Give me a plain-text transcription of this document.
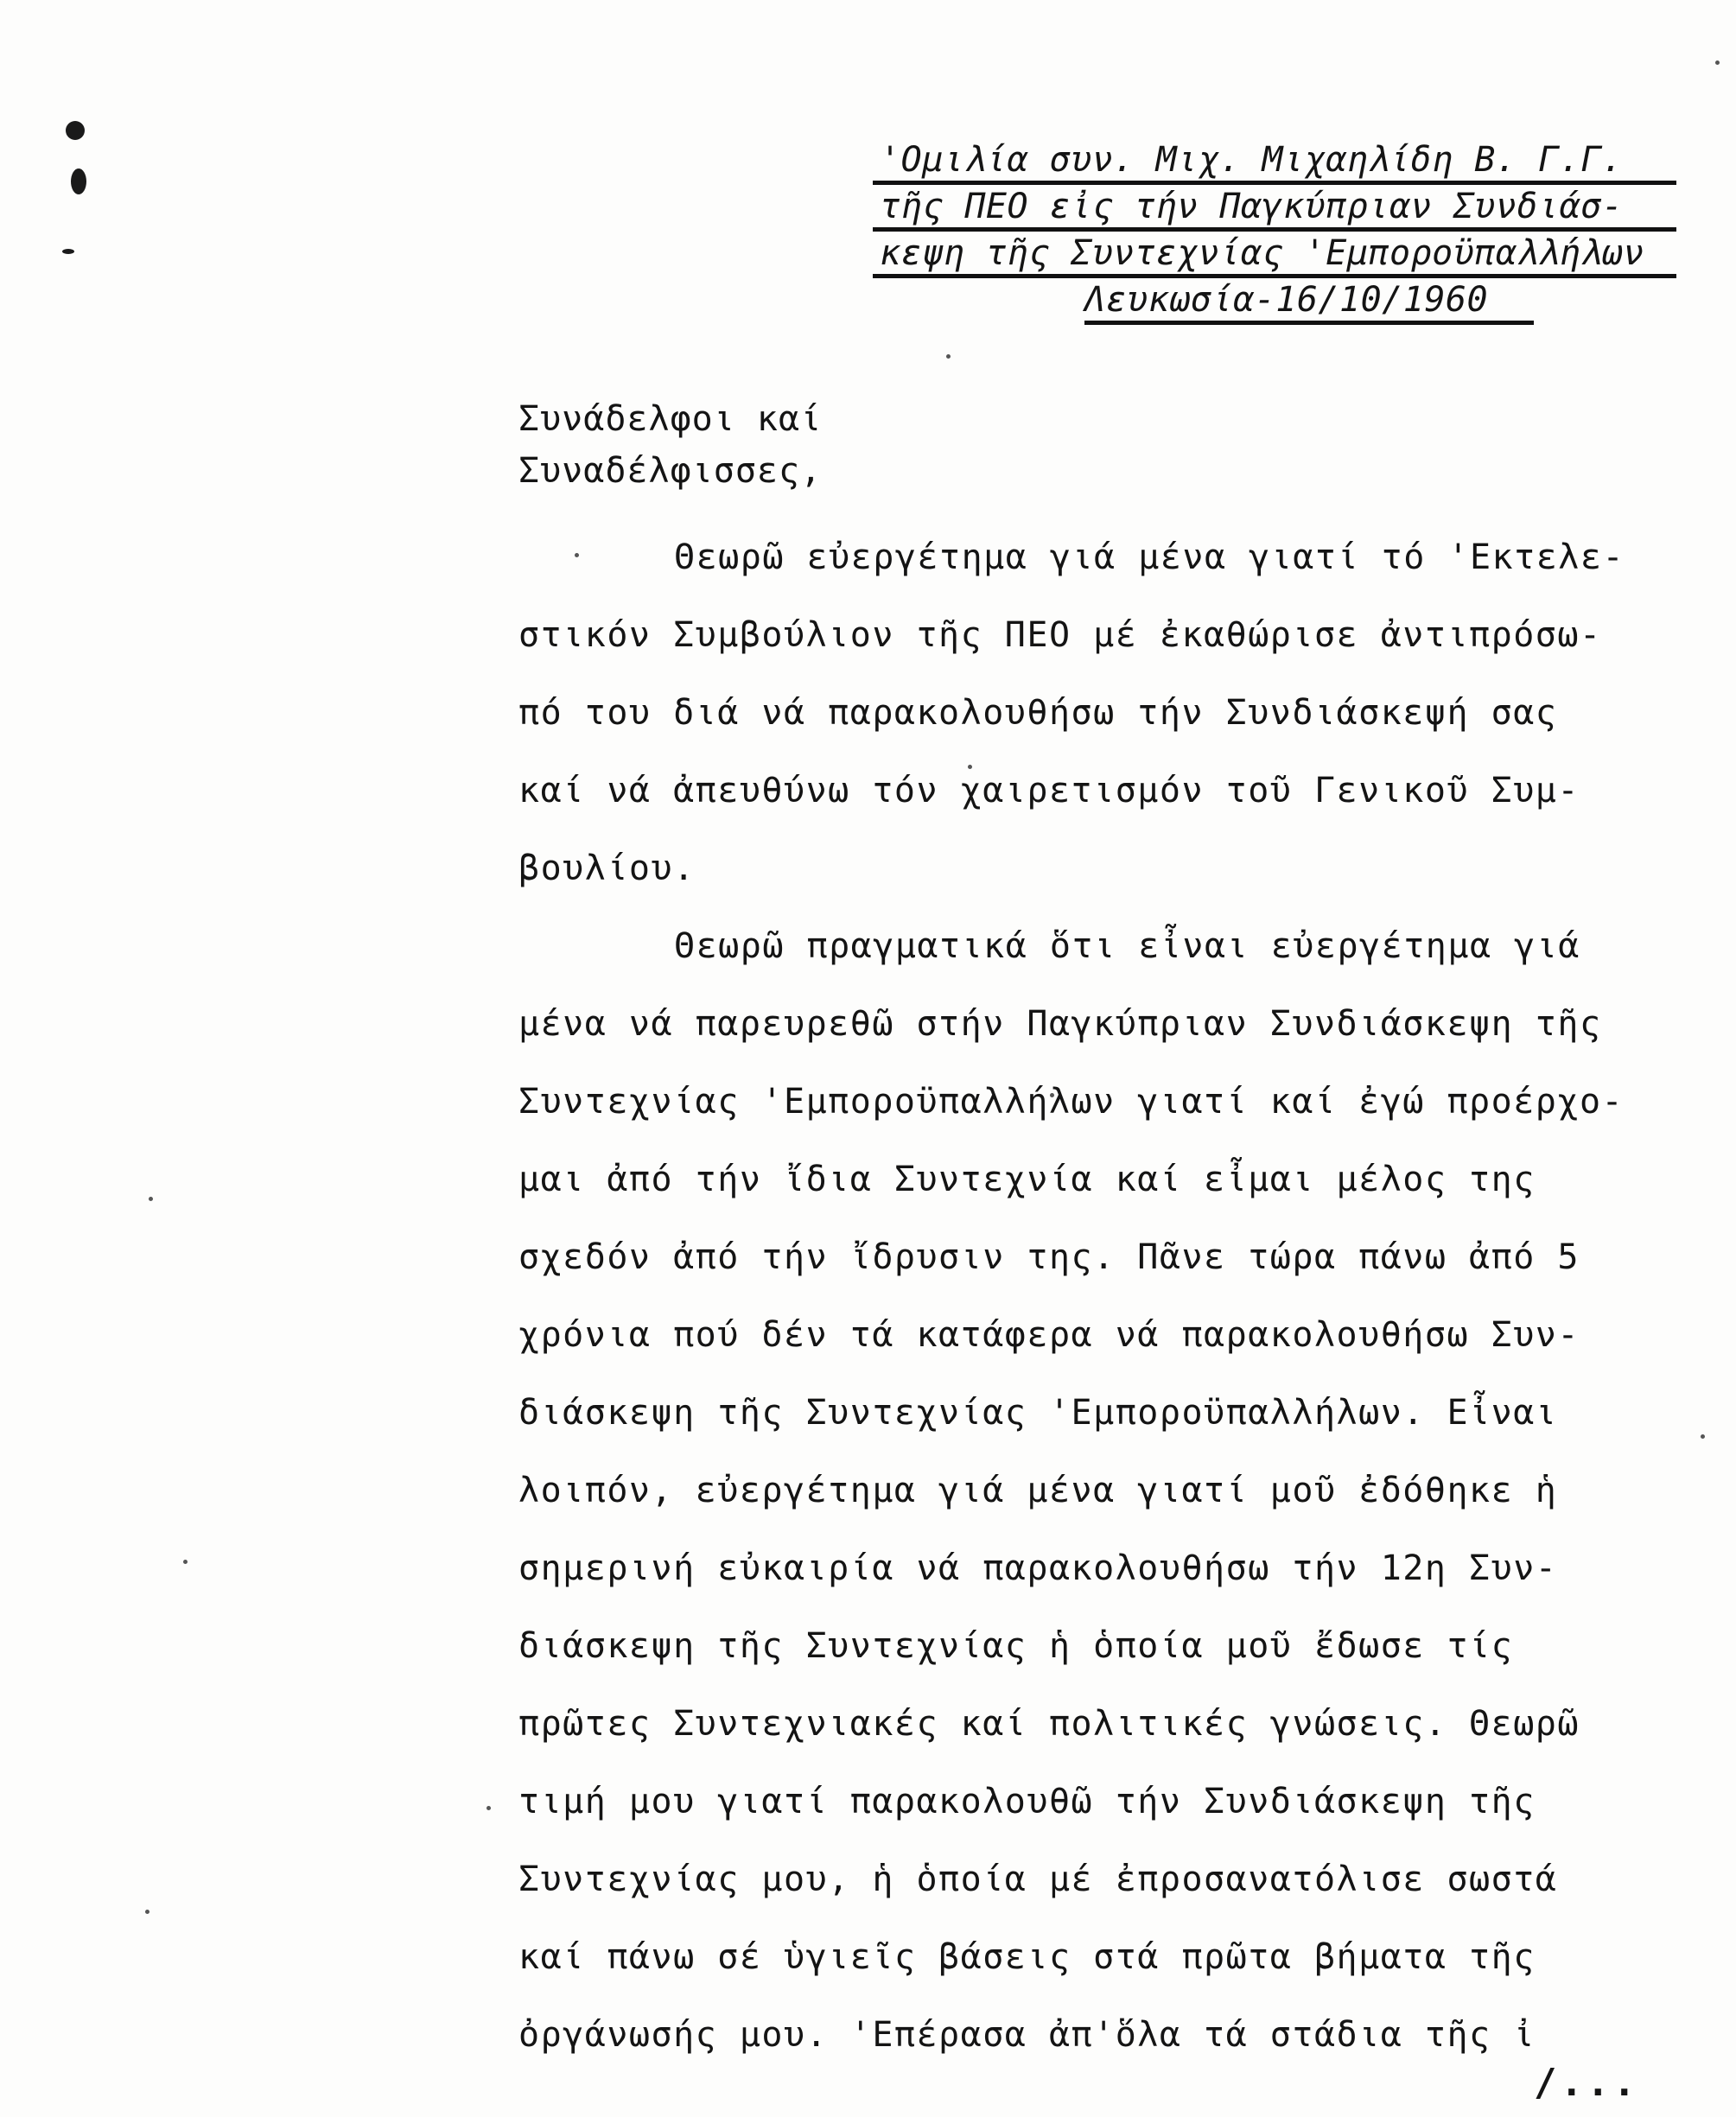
'Ομιλία συν. Μιχ. Μιχαηλίδη Β. Γ.Γ.
τῆς ΠΕΟ εἰς τήν Παγκύπριαν Συνδιάσ-
κεψη τῆς Συντεχνίας 'Εμποροϋπαλλήλων
Λευκωσία-16/10/1960
Συνάδελφοι καί
Συναδέλφισσες,
Θεωρῶ εὐεργέτημα γιά μένα γιατί τό 'Εκτελε-
στικόν Συμβούλιον τῆς ΠΕΟ μέ ἐκαθώρισε ἀντιπρόσω-
πό του διά νά παρακολουθήσω τήν Συνδιάσκεψή σας
καί νά ἀπευθύνω τόν χαιρετισμόν τοῦ Γενικοῦ Συμ-
βουλίου.
Θεωρῶ πραγματικά ὅτι εἶναι εὐεργέτημα γιά
μένα νά παρευρεθῶ στήν Παγκύπριαν Συνδιάσκεψη τῆς
Συντεχνίας 'Εμποροϋπαλλήλων γιατί καί ἐγώ προέρχο-
μαι ἀπό τήν ἴδια Συντεχνία καί εἶμαι μέλος της
σχεδόν ἀπό τήν ἴδρυσιν της. Πᾶνε τώρα πάνω ἀπό 5
χρόνια πού δέν τά κατάφερα νά παρακολουθήσω Συν-
διάσκεψη τῆς Συντεχνίας 'Εμποροϋπαλλήλων. Εἶναι
λοιπόν, εὐεργέτημα γιά μένα γιατί μοῦ ἐδόθηκε ἡ
σημερινή εὐκαιρία νά παρακολουθήσω τήν 12η Συν-
διάσκεψη τῆς Συντεχνίας ἡ ὁποία μοῦ ἔδωσε τίς
πρῶτες Συντεχνιακές καί πολιτικές γνώσεις. Θεωρῶ
τιμή μου γιατί παρακολουθῶ τήν Συνδιάσκεψη τῆς
Συντεχνίας μου, ἡ ὁποία μέ ἐπροσανατόλισε σωστά
καί πάνω σέ ὑγιεῖς βάσεις στά πρῶτα βήματα τῆς
ὀργάνωσής μου. 'Επέρασα ἀπ'ὅλα τά στάδια τῆς ἰ
/...
